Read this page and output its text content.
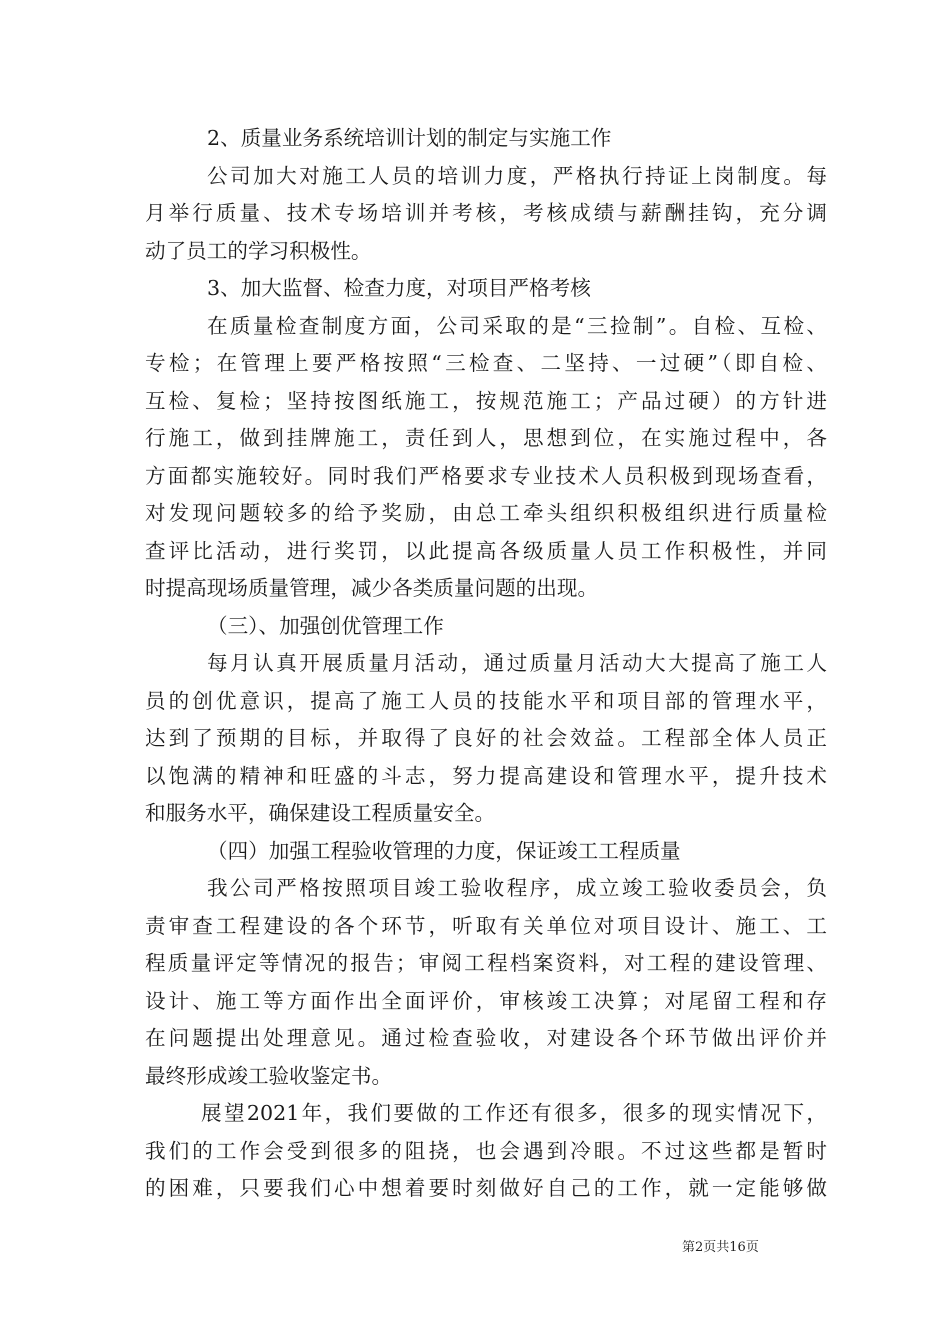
2、质量业务系统培训计划的制定与实施工作
公司加大对施工人员的培训力度，严格执行持证上岗制度。每
月举行质量、技术专场培训并考核，考核成绩与薪酬挂钩，充分调
动了员工的学习积极性。
3、加大监督、检查力度，对项目严格考核
在质量检查制度方面，公司采取的是“三捡制”。自检、互检、
专检；在管理上要严格按照“三检查、二坚持、一过硬”（即自检、
互检、复检；坚持按图纸施工，按规范施工；产品过硬）的方针进
行施工，做到挂牌施工，责任到人，思想到位，在实施过程中，各
方面都实施较好。同时我们严格要求专业技术人员积极到现场查看，
对发现问题较多的给予奖励，由总工牵头组织积极组织进行质量检
查评比活动，进行奖罚，以此提高各级质量人员工作积极性，并同
时提高现场质量管理，减少各类质量问题的出现。
（三）、加强创优管理工作
每月认真开展质量月活动，通过质量月活动大大提高了施工人
员的创优意识，提高了施工人员的技能水平和项目部的管理水平，
达到了预期的目标，并取得了良好的社会效益。工程部全体人员正
以饱满的精神和旺盛的斗志，努力提高建设和管理水平，提升技术
和服务水平，确保建设工程质量安全。
（四）加强工程验收管理的力度，保证竣工工程质量
我公司严格按照项目竣工验收程序，成立竣工验收委员会，负
责审查工程建设的各个环节，听取有关单位对项目设计、施工、工
程质量评定等情况的报告；审阅工程档案资料，对工程的建设管理、
设计、施工等方面作出全面评价，审核竣工决算；对尾留工程和存
在问题提出处理意见。通过检查验收，对建设各个环节做出评价并
最终形成竣工验收鉴定书。
展望2021年，我们要做的工作还有很多，很多的现实情况下，
我们的工作会受到很多的阻挠，也会遇到冷眼。不过这些都是暂时
的困难，只要我们心中想着要时刻做好自己的工作，就一定能够做
第2页共16页
